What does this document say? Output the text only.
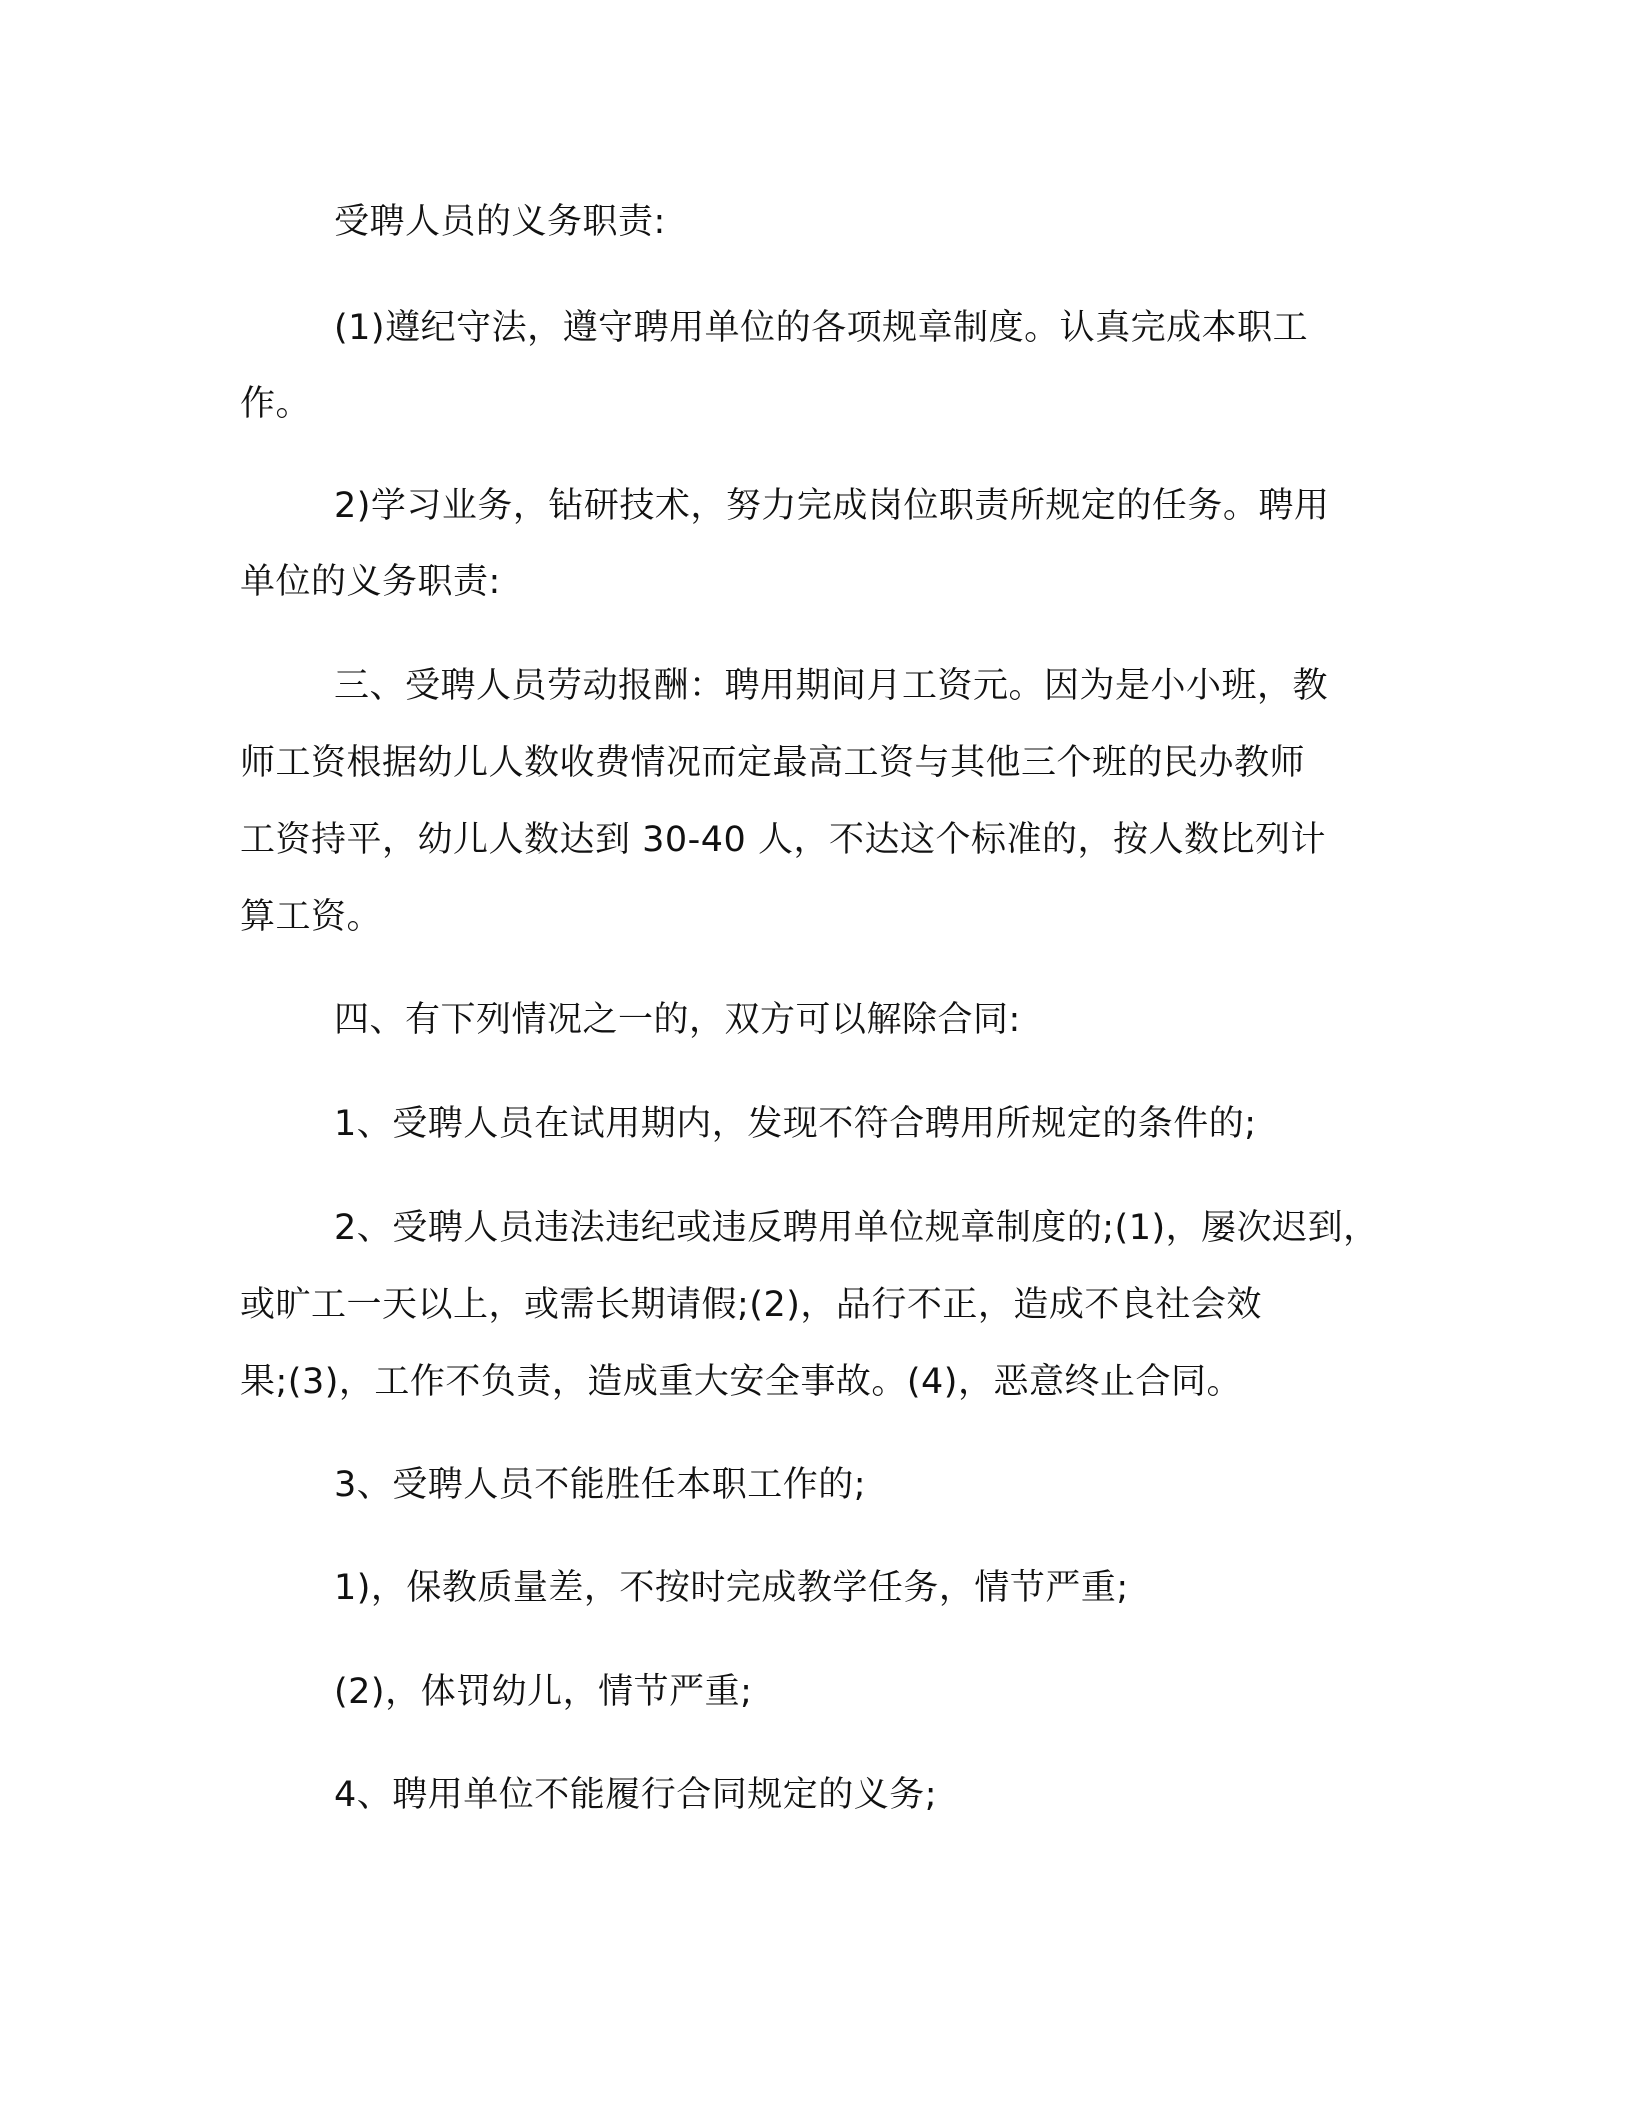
受聘人员的义务职责:
(1)遵纪守法，遵守聘用单位的各项规章制度。认真完成本职工
作。
2)学习业务，钻研技术，努力完成岗位职责所规定的任务。聘用
单位的义务职责:
三、受聘人员劳动报酬：聘用期间月工资元。因为是小小班，教
师工资根据幼儿人数收费情况而定最高工资与其他三个班的民办教师
工资持平，幼儿人数达到 30-40 人，不达这个标准的，按人数比列计
算工资。
四、有下列情况之一的，双方可以解除合同:
1、受聘人员在试用期内，发现不符合聘用所规定的条件的;
2、受聘人员违法违纪或违反聘用单位规章制度的;(1)，屡次迟到，
或旷工一天以上，或需长期请假;(2)，品行不正，造成不良社会效
果;(3)，工作不负责，造成重大安全事故。(4)，恶意终止合同。
3、受聘人员不能胜任本职工作的;
1)，保教质量差，不按时完成教学任务，情节严重;
(2)，体罚幼儿，情节严重;
4、聘用单位不能履行合同规定的义务;
